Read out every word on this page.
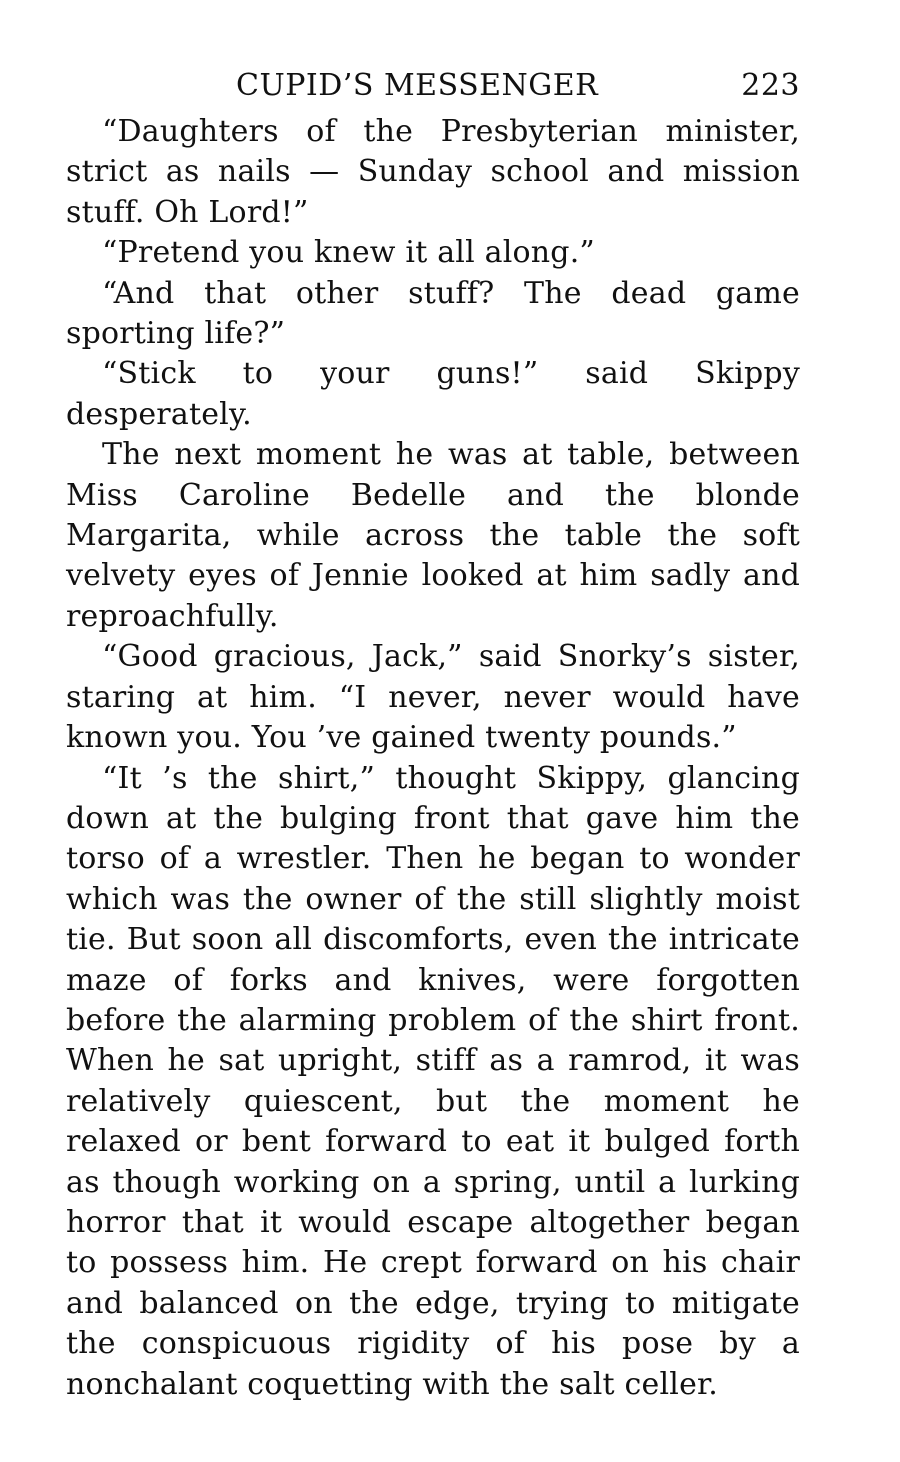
CUPID’S MESSENGER	223

“Daughters of the Presbyterian minister, strict as nails — Sunday school and mission stuff. Oh Lord!”

“Pretend you knew it all along.”

“And that other stuff? The dead game sporting life?”

“Stick to your guns!” said Skippy desperately.

The next moment he was at table, between Miss Caroline Bedelle and the blonde Margarita, while across the table the soft velvety eyes of Jennie looked at him sadly and reproachfully.

“Good gracious, Jack,” said Snorky’s sister, staring at him. “I never, never would have known you. You ’ve gained twenty pounds.”

“It ’s the shirt,” thought Skippy, glancing down at the bulging front that gave him the torso of a wrestler. Then he began to wonder which was the owner of the still slightly moist tie. But soon all discomforts, even the intricate maze of forks and knives, were forgotten before the alarming problem of the shirt front. When he sat upright, stiff as a ramrod, it was relatively quiescent, but the moment he relaxed or bent forward to eat it bulged forth as though working on a spring, until a lurking horror that it would escape altogether began to possess him. He crept forward on his chair and balanced on the edge, trying to mitigate the conspicuous rigidity of his pose by a nonchalant coquetting with the salt celler.
